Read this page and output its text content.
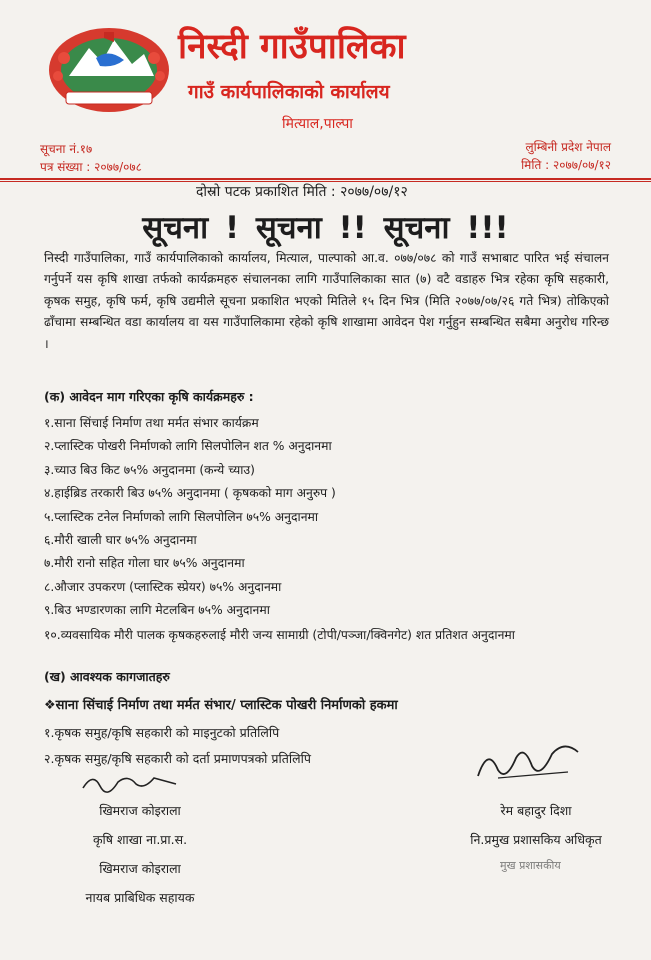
निस्दी गाउँपालिका
गाउँ कार्यपालिकाको कार्यालय
मित्याल,पाल्पा
सूचना नं.१७
पत्र संख्या : २०७७/०७८
लुम्बिनी प्रदेश नेपाल
मिति : २०७७/०७/१२
दोस्रो पटक प्रकाशित मिति : २०७७/०७/१२
सूचना ! सूचना !! सूचना !!!
निस्दी गाउँपालिका, गाउँ कार्यपालिकाको कार्यालय, मित्याल, पाल्पाको आ.व. ०७७/०७८ को गाउँ सभाबाट पारित भई संचालन गर्नुपर्ने यस कृषि शाखा तर्फको कार्यक्रमहरु संचालनका लागि गाउँपालिकाका सात (७) वटै वडाहरु भित्र रहेका कृषि सहकारी, कृषक समुह, कृषि फर्म, कृषि उद्यमीले सूचना प्रकाशित भएको मितिले १५ दिन भित्र (मिति २०७७/०७/२६ गते भित्र) तोकिएको ढाँचामा सम्बन्धित वडा कार्यालय वा यस गाउँपालिकामा रहेको कृषि शाखामा आवेदन पेश गर्नुहुन सम्बन्धित सबैमा अनुरोध गरिन्छ ।
(क) आवेदन माग गरिएका कृषि कार्यक्रमहरु :
१.साना सिंचाई निर्माण तथा मर्मत संभार कार्यक्रम
२.प्लास्टिक पोखरी निर्माणको लागि सिलपोलिन शत % अनुदानमा
३.च्याउ बिउ किट ७५% अनुदानमा (कन्ये च्याउ)
४.हाईब्रिड तरकारी बिउ ७५% अनुदानमा ( कृषकको माग अनुरुप )
५.प्लास्टिक टनेल निर्माणको लागि सिलपोलिन ७५% अनुदानमा
६.मौरी खाली घार ७५% अनुदानमा
७.मौरी रानो सहित गोला घार ७५% अनुदानमा
८.औजार उपकरण (प्लास्टिक स्प्रेयर) ७५% अनुदानमा
९.बिउ भण्डारणका लागि मेटलबिन ७५% अनुदानमा
१०.व्यवसायिक मौरी पालक कृषकहरुलाई मौरी जन्य सामाग्री (टोपी/पञ्जा/क्विनगेट) शत प्रतिशत अनुदानमा
(ख) आवश्यक कागजातहरु
❖साना सिंचाई निर्माण तथा मर्मत संभार/ प्लास्टिक पोखरी निर्माणको हकमा
१.कृषक समुह/कृषि सहकारी को माइनुटको प्रतिलिपि
२.कृषक समुह/कृषि सहकारी को दर्ता प्रमाणपत्रको प्रतिलिपि
खिमराज कोइराला
कृषि शाखा ना.प्रा.स.
खिमराज कोइराला
नायब प्राबिधिक सहायक
रेम बहादुर दिशा
नि.प्रमुख प्रशासकिय अधिकृत
मुख प्रशासकीय
